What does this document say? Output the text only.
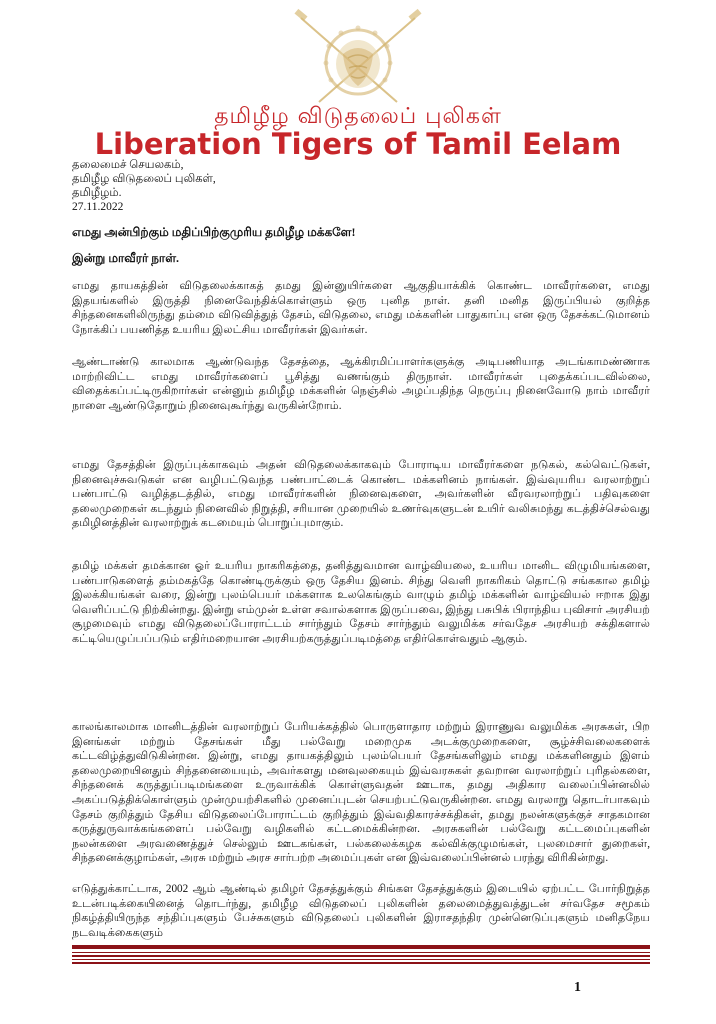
தமிழீழ விடுதலைப் புலிகள்
Liberation Tigers of Tamil Eelam
தலைமைச் செயலகம்,
தமிழீழ விடுதலைப் புலிகள்,
தமிழீழம்.
27.11.2022
எமது அன்பிற்கும் மதிப்பிற்குமுரிய தமிழீழ மக்களே!
இன்று மாவீரர் நாள்.
எமது தாயகத்தின் விடுதலைக்காகத் தமது இன்னுயிர்களை ஆகுதியாக்கிக் கொண்ட மாவீரர்களை, எமது இதயங்களில் இருத்தி நினைவேந்திக்கொள்ளும் ஒரு புனித நாள். தனி மனித இருப்பியல் குறித்த சிந்தனைகளிலிருந்து தம்மை விடுவித்துத் தேசம், விடுதலை, எமது மக்களின் பாதுகாப்பு என ஒரு தேசக்கட்டுமானம் நோக்கிப் பயணித்த உயரிய இலட்சிய மாவீரர்கள் இவர்கள்.
ஆண்டாண்டு காலமாக ஆண்டுவந்த தேசத்தை, ஆக்கிரமிப்பாளர்களுக்கு அடிபணியாத அடங்காமண்ணாக மாற்றிவிட்ட எமது மாவீரர்களைப் பூசித்து வணங்கும் திருநாள். மாவீரர்கள் புதைக்கப்படவில்லை, விதைக்கப்பட்டிருகிறார்கள் என்னும் தமிழீழ மக்களின் நெஞ்சில் அழப்பதிந்த நெருப்பு நினைவோடு நாம் மாவீரர் நாளை ஆண்டுதோறும் நினைவுகூர்ந்து வருகின்றோம்.
எமது தேசத்தின் இருப்புக்காகவும் அதன் விடுதலைக்காகவும் போராடிய மாவீரர்களை நடுகல், கல்வெட்டுகள், நினைவுச்சுவடுகள் என வழிபட்டுவந்த பண்பாட்டைக் கொண்ட மக்களினம் நாங்கள். இவ்வுயரிய வரலாற்றுப் பண்பாட்டு வழித்தடத்தில், எமது மாவீரர்களின் நினைவுகளை, அவர்களின் வீரவரலாற்றுப் பதிவுகளை தலைமுறைகள் கடந்தும் நினைவில் நிறுத்தி, சரியான முறையில் உணர்வுகளுடன் உயிர் வலிசுமந்து கடத்திச்செல்வது தமிழினத்தின் வரலாற்றுக் கடமையும் பொறுப்புமாகும்.
தமிழ் மக்கள் தமக்கான ஓர் உயரிய நாகரிகத்தை, தனித்துவமான வாழ்வியலை, உயரிய மானிட விழுமியங்களை, பண்பாடுகளைத் தம்மகத்தே கொண்டிருக்கும் ஒரு தேசிய இனம். சிந்து வெளி நாகரிகம் தொட்டு சங்ககால தமிழ் இலக்கியங்கள் வரை, இன்று புலம்பெயர் மக்களாக உலகெங்கும் வாழும் தமிழ் மக்களின் வாழ்வியல் ஈறாக இது வெளிப்பட்டு நிற்கின்றது. இன்று எம்முன் உள்ள சவால்களாக இருப்பவை, இந்து பசுபிக் பிராந்திய புவிசார் அரசியற் சூழமைவும் எமது விடுதலைப்போராட்டம் சார்ந்தும் தேசம் சார்ந்தும் வலுமிக்க சர்வதேச அரசியற் சக்திகளால் கட்டியெழுப்பப்படும் எதிர்மறையான அரசியற்கருத்துப்படிமத்தை எதிர்கொள்வதும் ஆகும்.
காலங்காலமாக மானிடத்தின் வரலாற்றுப் பேரியக்கத்தில் பொருளாதார மற்றும் இராணுவ வலுமிக்க அரசுகள், பிற இனங்கள் மற்றும் தேசங்கள் மீது பல்வேறு மறைமுக அடக்குமுறைகளை, சூழ்ச்சிவலைகளைக் கட்டவிழ்த்துவிடுகின்றன. இன்று, எமது தாயகத்திலும் புலம்பெயர் தேசங்களிலும் எமது மக்களினதும் இளம் தலைமுறையினதும் சிந்தனையையும், அவர்களது மனவுலகையும் இவ்வரசுகள் தவறான வரலாற்றுப் புரிதல்களை, சிந்தனைக் கருத்துப்படிமங்களை உருவாக்கிக் கொள்ளுவதன் ஊடாக, தமது அதிகார வலைப்பின்னலில் அகப்படுத்திக்கொள்ளும் முன்முயற்சிகளில் முனைப்புடன் செயற்பட்டுவருகின்றன. எமது வரலாறு தொடர்பாகவும் தேசம் குறித்தும் தேசிய விடுதலைப்போராட்டம் குறித்தும் இவ்வதிகாரச்சக்திகள், தமது நலன்களுக்குச் சாதகமான கருத்துருவாக்கங்களைப் பல்வேறு வழிகளில் கட்டமைக்கின்றன. அரசுகளின் பல்வேறு கட்டமைப்புகளின் நலன்களை அரவணைத்துச் செல்லும் ஊடகங்கள், பல்கலைக்கழக கல்விக்குழுமங்கள், புலமைசார் துறைகள், சிந்தனைக்குழாம்கள், அரசு மற்றும் அரச சார்பற்ற அமைப்புகள் என இவ்வலைப்பின்னல் பரந்து விரிகின்றது.
எடுத்துக்காட்டாக, 2002 ஆம் ஆண்டில் தமிழர் தேசத்துக்கும் சிங்கள தேசத்துக்கும் இடையில் ஏற்பட்ட போர்நிறுத்த உடன்படிக்கையினைத் தொடர்ந்து, தமிழீழ விடுதலைப் புலிகளின் தலைமைத்துவத்துடன் சர்வதேச சமூகம் நிகழ்த்தியிருந்த சந்திப்புகளும் பேச்சுகளும் விடுதலைப் புலிகளின் இராசதந்திர முன்னெடுப்புகளும் மனிதநேய நடவடிக்கைகளும்
1
